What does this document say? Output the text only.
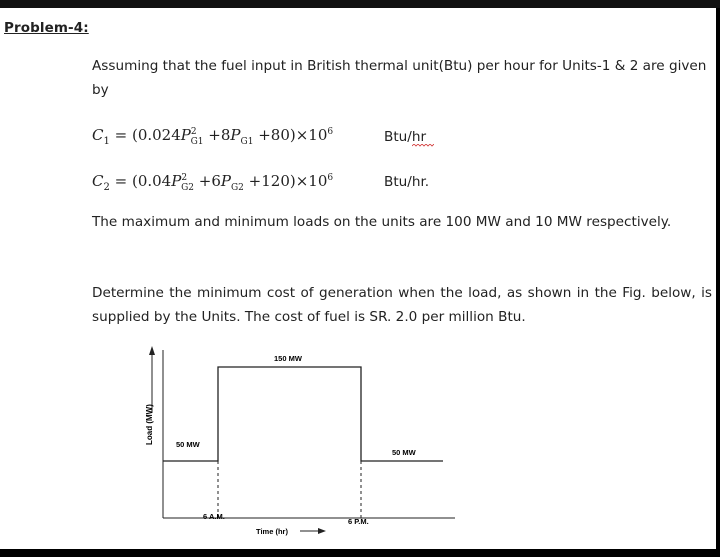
Problem-4:
Assuming that the fuel input in British thermal unit(Btu) per hour for Units-1 & 2 are given by
$C_1 = (0.024P^2_{G1} +8P_{G1} +80)\times 10^6$	Btu/hr
$C_2 = (0.04P^2_{G2} +6P_{G2} +120)\times 10^6$	Btu/hr.
The maximum and minimum loads on the units are 100 MW and 10 MW respectively.
Determine the minimum cost of generation when the load, as shown in the Fig. below, is supplied by the Units. The cost of fuel is SR. 2.0 per million Btu.
Load (MW)	50 MW
150 MW
50 MW
6 A.M.
6 P.M.
Time (hr)
